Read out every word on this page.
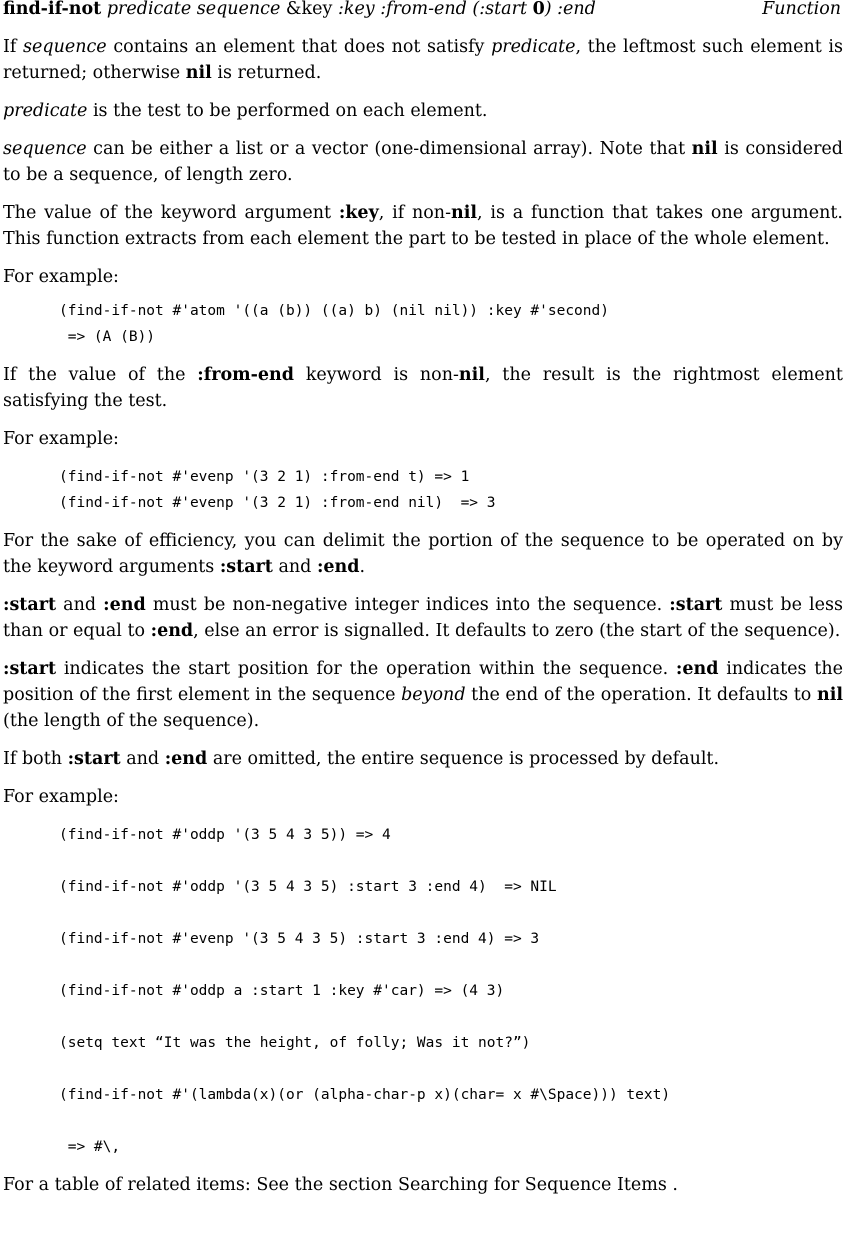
find-if-not predicate sequence &key :key :from-end (:start 0) :end	Function

If sequence contains an element that does not satisfy predicate, the leftmost such element is returned; otherwise nil is returned.

predicate is the test to be performed on each element.

sequence can be either a list or a vector (one-dimensional array). Note that nil is considered to be a sequence, of length zero.

The value of the keyword argument :key, if non-nil, is a function that takes one argument. This function extracts from each element the part to be tested in place of the whole element.

For example:

(find-if-not #'atom '((a (b)) ((a) b) (nil nil)) :key #'second)
=> (A (B))

If the value of the :from-end keyword is non-nil, the result is the rightmost element satisfying the test.

For example:

(find-if-not #'evenp '(3 2 1) :from-end t) => 1
(find-if-not #'evenp '(3 2 1) :from-end nil)  => 3

For the sake of efficiency, you can delimit the portion of the sequence to be operated on by the keyword arguments :start and :end.

:start and :end must be non-negative integer indices into the sequence. :start must be less than or equal to :end, else an error is signalled. It defaults to zero (the start of the sequence).

:start indicates the start position for the operation within the sequence. :end indicates the position of the first element in the sequence beyond the end of the operation. It defaults to nil (the length of the sequence).

If both :start and :end are omitted, the entire sequence is processed by default.

For example:

(find-if-not #'oddp '(3 5 4 3 5)) => 4

(find-if-not #'oddp '(3 5 4 3 5) :start 3 :end 4)  => NIL

(find-if-not #'evenp '(3 5 4 3 5) :start 3 :end 4) => 3

(find-if-not #'oddp a :start 1 :key #'car) => (4 3)

(setq text “It was the height, of folly; Was it not?”)

(find-if-not #'(lambda(x)(or (alpha-char-p x)(char= x #\Space))) text)

=> #\,

For a table of related items: See the section Searching for Sequence Items .
